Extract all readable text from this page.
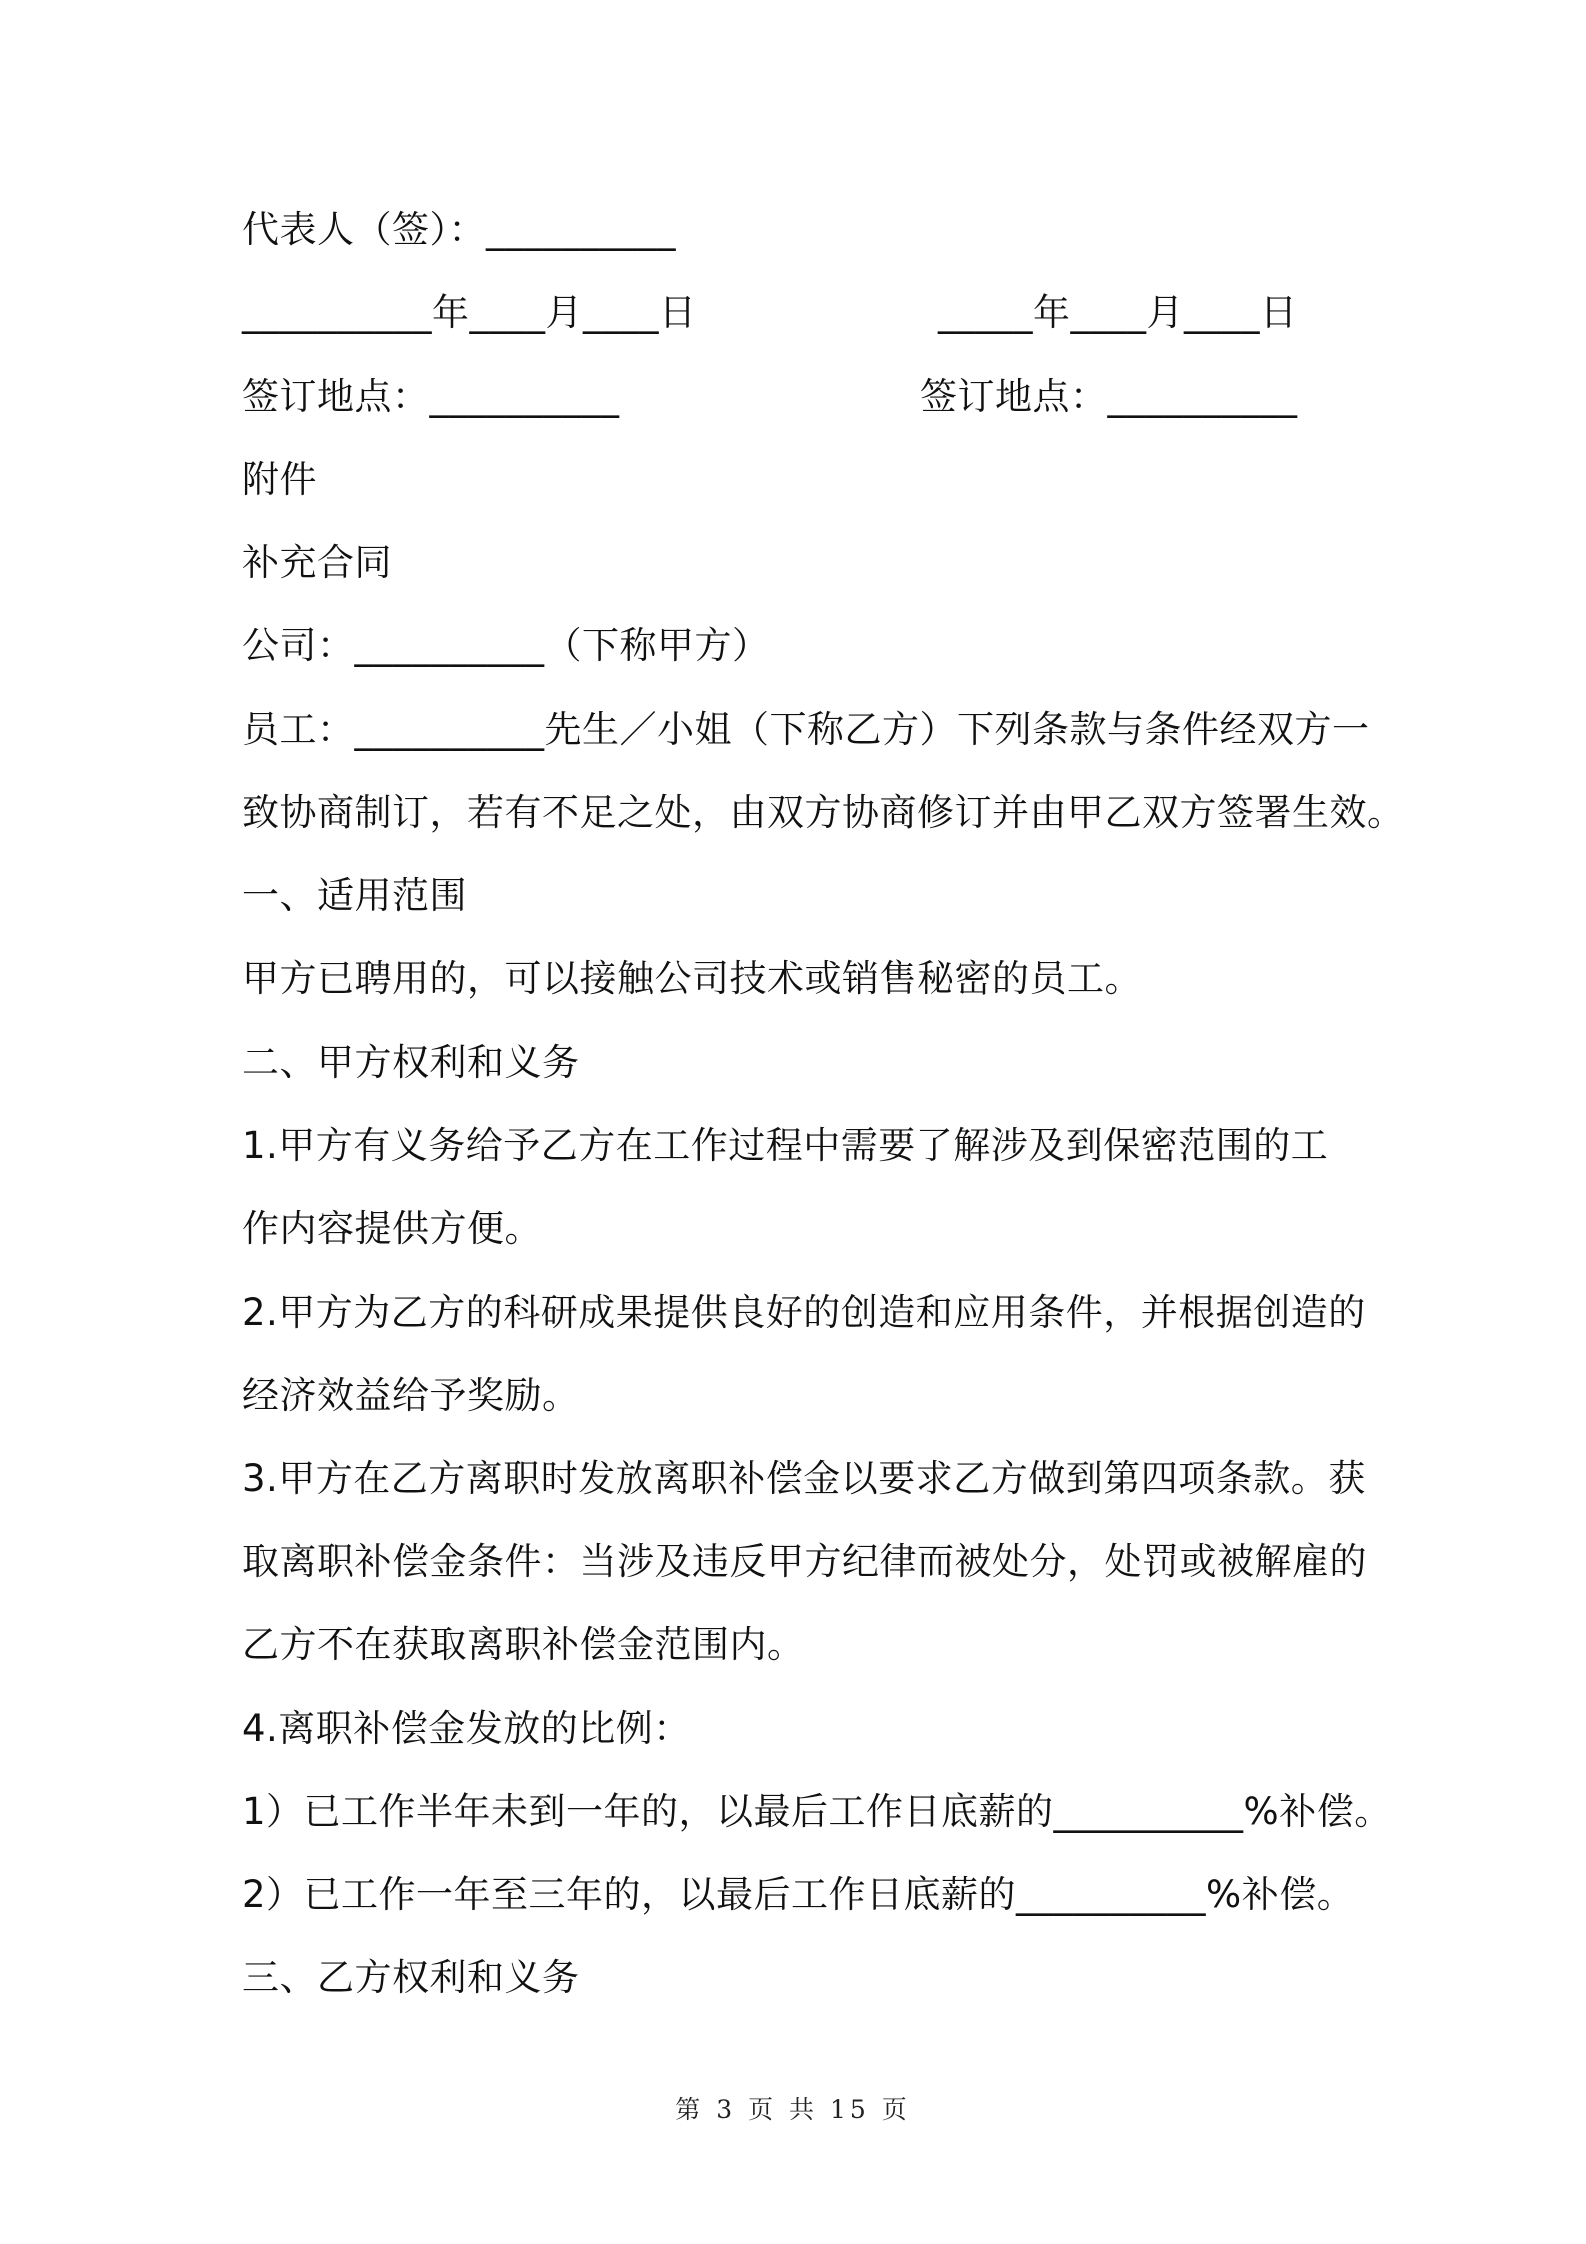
代表人（签）：__________
__________年____月____日	_____年____月____日
签订地点：__________	签订地点：__________
附件
补充合同
公司：__________（下称甲方）
员工：__________先生／小姐（下称乙方）下列条款与条件经双方一
致协商制订，若有不足之处，由双方协商修订并由甲乙双方签署生效。
一、适用范围
甲方已聘用的，可以接触公司技术或销售秘密的员工。
二、甲方权利和义务
1.甲方有义务给予乙方在工作过程中需要了解涉及到保密范围的工
作内容提供方便。
2.甲方为乙方的科研成果提供良好的创造和应用条件，并根据创造的
经济效益给予奖励。
3.甲方在乙方离职时发放离职补偿金以要求乙方做到第四项条款。获
取离职补偿金条件：当涉及违反甲方纪律而被处分，处罚或被解雇的
乙方不在获取离职补偿金范围内。
4.离职补偿金发放的比例：
1）已工作半年未到一年的，以最后工作日底薪的__________%补偿。
2）已工作一年至三年的，以最后工作日底薪的__________%补偿。
三、乙方权利和义务
第 3 页 共 15 页
